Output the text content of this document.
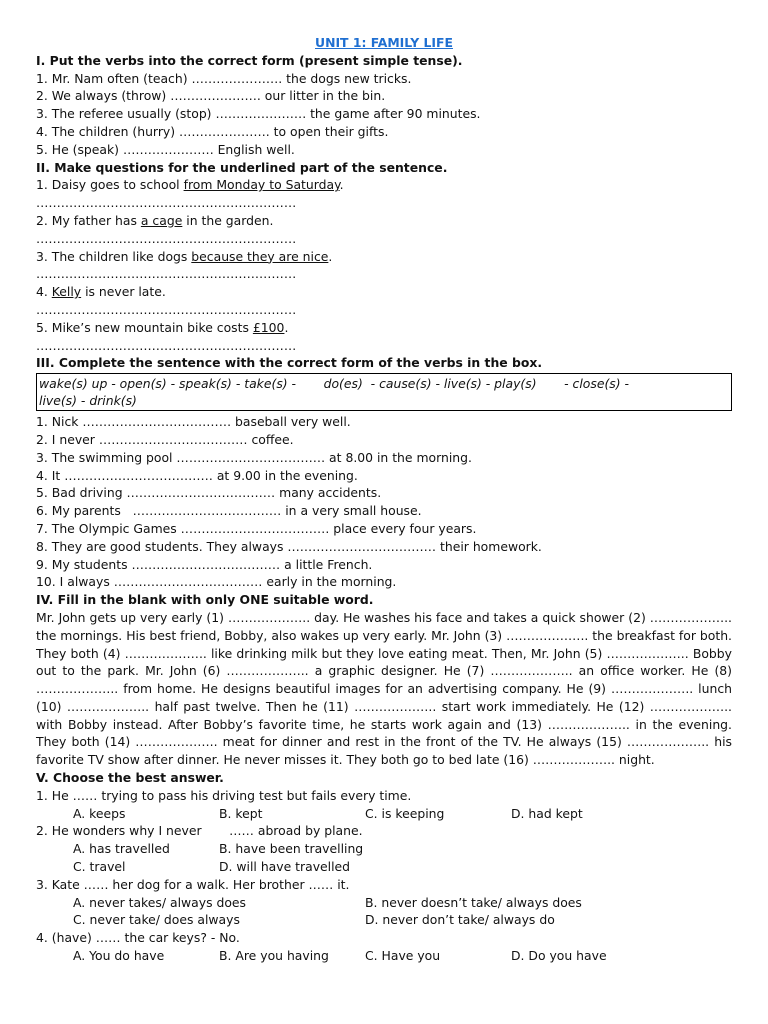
UNIT 1: FAMILY LIFE
I. Put the verbs into the correct form (present simple tense).
1. Mr. Nam often (teach) …………………. the dogs new tricks.
2. We always (throw) …………………. our litter in the bin.
3. The referee usually (stop) …………………. the game after 90 minutes.
4. The children (hurry) …………………. to open their gifts.
5. He (speak) …………………. English well.
II. Make questions for the underlined part of the sentence.
1. Daisy goes to school from Monday to Saturday.
………………………………………………………
2. My father has a cage in the garden.
………………………………………………………
3. The children like dogs because they are nice.
………………………………………………………
4. Kelly is never late.
………………………………………………………
5. Mike’s new mountain bike costs £100.
………………………………………………………
III. Complete the sentence with the correct form of the verbs in the box.
wake(s) up - open(s) - speak(s) - take(s) -       do(es)  - cause(s) - live(s) - play(s)       - close(s) -
live(s) - drink(s)
1. Nick ……………………………… baseball very well.
2. I never ……………………………… coffee.
3. The swimming pool ……………………………… at 8.00 in the morning.
4. It ……………………………… at 9.00 in the evening.
5. Bad driving ……………………………… many accidents.
6. My parents   ……………………………… in a very small house.
7. The Olympic Games ……………………………… place every four years.
8. They are good students. They always ……………………………… their homework.
9. My students ……………………………… a little French.
10. I always ……………………………… early in the morning.
IV. Fill in the blank with only ONE suitable word.
Mr. John gets up very early (1) ……………….. day. He washes his face and takes a quick shower (2) ……………….. the mornings. His best friend, Bobby, also wakes up very early. Mr. John (3) ……………….. the breakfast for both. They both (4) ……………….. like drinking milk but they love eating meat. Then, Mr. John (5) ……………….. Bobby out to the park. Mr. John (6) ……………….. a graphic designer. He (7) ……………….. an office worker. He (8) ……………….. from home. He designs beautiful images for an advertising company. He (9) ……………….. lunch (10) ……………….. half past twelve. Then he (11) ……………….. start work immediately. He (12) ……………….. with Bobby instead. After Bobby’s favorite time, he starts work again and (13) ……………….. in the evening. They both (14) ……………….. meat for dinner and rest in the front of the TV. He always (15) ……………….. his favorite TV show after dinner. He never misses it. They both go to bed late (16) ……………….. night.
V. Choose the best answer.
1. He …… trying to pass his driving test but fails every time.
A. keeps	B. kept	C. is keeping	D. had kept
2. He wonders why I never       …… abroad by plane.
A. has travelled	B. have been travelling
C. travel	D. will have travelled
3. Kate …… her dog for a walk. Her brother …… it.
A. never takes/ always does	B. never doesn’t take/ always does
C. never take/ does always	D. never don’t take/ always do
4. (have) …… the car keys? - No.
A. You do have	B. Are you having	C. Have you	D. Do you have
